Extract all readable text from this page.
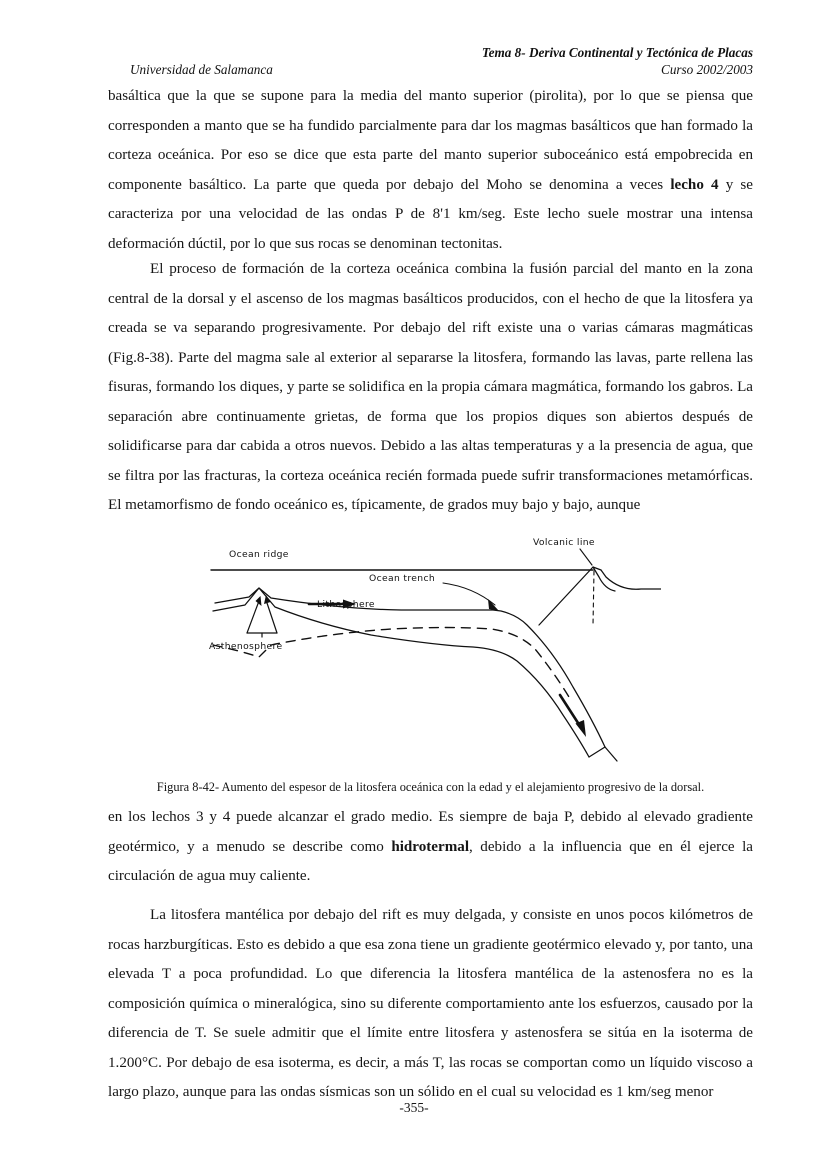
Tema 8- Deriva Continental y Tectónica de Placas
Universidad de Salamanca	Curso 2002/2003

basáltica que la que se supone para la media del manto superior (pirolita), por lo que se piensa que corresponden a manto que se ha fundido parcialmente para dar los magmas basálticos que han formado la corteza oceánica. Por eso se dice que esta parte del manto superior suboceánico está empobrecida en componente basáltico. La parte que queda por debajo del Moho se denomina a veces lecho 4 y se caracteriza por una velocidad de las ondas P de 8'1 km/seg. Este lecho suele mostrar una intensa deformación dúctil, por lo que sus rocas se denominan tectonitas.

El proceso de formación de la corteza oceánica combina la fusión parcial del manto en la zona central de la dorsal y el ascenso de los magmas basálticos producidos, con el hecho de que la litosfera ya creada se va separando progresivamente. Por debajo del rift existe una o varias cámaras magmáticas (Fig.8-38). Parte del magma sale al exterior al separarse la litosfera, formando las lavas, parte rellena las fisuras, formando los diques, y parte se solidifica en la propia cámara magmática, formando los gabros. La separación abre continuamente grietas, de forma que los propios diques son abiertos después de solidificarse para dar cabida a otros nuevos. Debido a las altas temperaturas y a la presencia de agua, que se filtra por las fracturas, la corteza oceánica recién formada puede sufrir transformaciones metamórficas. El metamorfismo de fondo oceánico es, típicamente, de grados muy bajo y bajo, aunque

Ocean ridge
Asthenosphere
Lithosphere
Ocean trench
Volcanic line
Figura 8-42- Aumento del espesor de la litosfera oceánica con la edad y el alejamiento progresivo de la dorsal.

en los lechos 3 y 4 puede alcanzar el grado medio. Es siempre de baja P, debido al elevado gradiente geotérmico, y a menudo se describe como hidrotermal, debido a la influencia que en él ejerce la circulación de agua muy caliente.

La litosfera mantélica por debajo del rift es muy delgada, y consiste en unos pocos kilómetros de rocas harzburgíticas. Esto es debido a que esa zona tiene un gradiente geotérmico elevado y, por tanto, una elevada T a poca profundidad. Lo que diferencia la litosfera mantélica de la astenosfera no es la composición química o mineralógica, sino su diferente comportamiento ante los esfuerzos, causado por la diferencia de T. Se suele admitir que el límite entre litosfera y astenosfera se sitúa en la isoterma de 1.200°C. Por debajo de esa isoterma, es decir, a más T, las rocas se comportan como un líquido viscoso a largo plazo, aunque para las ondas sísmicas son un sólido en el cual su velocidad es 1 km/seg menor

-355-
